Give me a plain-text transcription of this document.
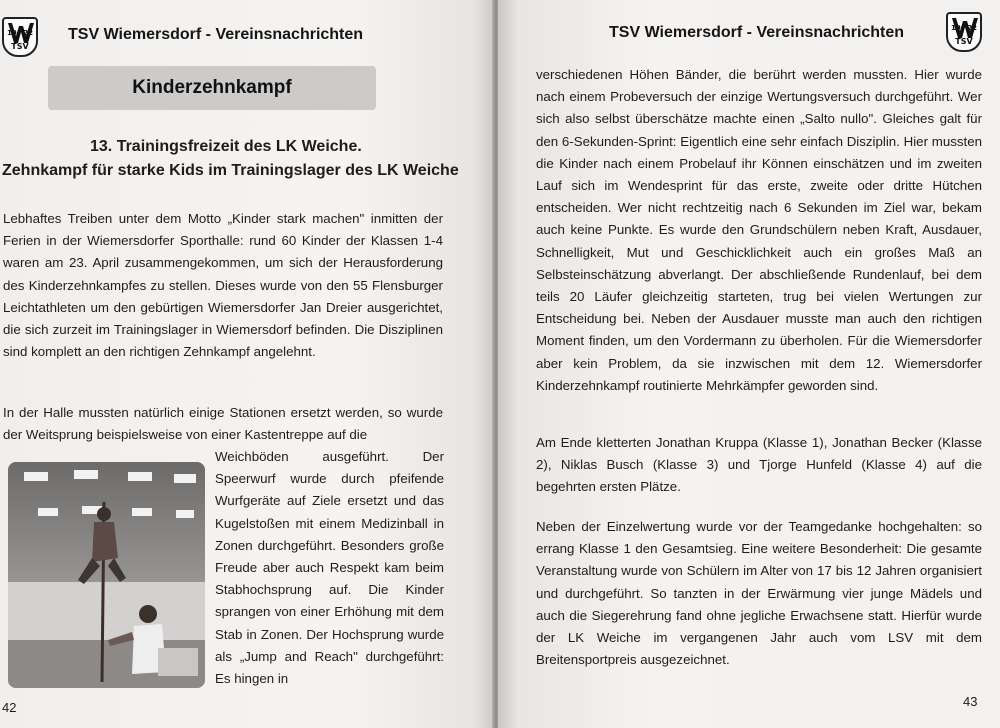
19 22
TSV
TSV Wiemersdorf - Vereinsnachrichten
Kinderzehnkampf
13. Trainingsfreizeit des LK Weiche.
Zehnkampf für starke Kids im Trainingslager des LK Weiche

Lebhaftes Treiben unter dem Motto „Kinder stark machen" inmitten der Ferien in der Wiemersdorfer Sporthalle: rund 60 Kinder der Klassen 1-4 waren am 23. April zusammengekommen, um sich der Herausforderung des Kinderzehnkampfes zu stellen. Dieses wurde von den 55 Flensburger Leichtathleten um den gebürtigen Wiemersdorfer Jan Dreier ausgerichtet, die sich zurzeit im Trainingslager in Wiemersdorf befinden. Die Disziplinen sind komplett an den richtigen Zehnkampf angelehnt.

In der Halle mussten natürlich einige Stationen ersetzt werden, so wurde der Weitsprung beispielsweise von einer Kastentreppe auf die

Weichböden ausgeführt. Der Speerwurf wurde durch pfeifende Wurfgeräte auf Ziele ersetzt und das Kugelstoßen mit einem Medizinball in Zonen durchgeführt. Besonders große Freude aber auch Respekt kam beim Stabhochsprung auf. Die Kinder sprangen von einer Erhöhung mit dem Stab in Zonen. Der Hochsprung wurde als „Jump and Reach" durchgeführt: Es hingen in

42
TSV Wiemersdorf - Vereinsnachrichten	19 22
TSV

verschiedenen Höhen Bänder, die berührt werden mussten. Hier wurde nach einem Probeversuch der einzige Wertungsversuch durchgeführt. Wer sich also selbst überschätze machte einen „Salto nullo". Gleiches galt für den 6-Sekunden-Sprint: Eigentlich eine sehr einfach Disziplin. Hier mussten die Kinder nach einem Probelauf ihr Können einschätzen und im zweiten Lauf sich im Wendesprint für das erste, zweite oder dritte Hütchen entscheiden. Wer nicht rechtzeitig nach 6 Sekunden im Ziel war, bekam auch keine Punkte. Es wurde den Grundschülern neben Kraft, Ausdauer, Schnelligkeit, Mut und Geschicklichkeit auch ein großes Maß an Selbsteinschätzung abverlangt. Der abschließende Rundenlauf, bei dem teils 20 Läufer gleichzeitig starteten, trug bei vielen Wertungen zur Entscheidung bei. Neben der Ausdauer musste man auch den richtigen Moment finden, um den Vordermann zu überholen. Für die Wiemersdorfer aber kein Problem, da sie inzwischen mit dem 12. Wiemersdorfer Kinderzehnkampf routinierte Mehrkämpfer geworden sind.

Am Ende kletterten Jonathan Kruppa (Klasse 1), Jonathan Becker (Klasse 2), Niklas Busch (Klasse 3) und Tjorge Hunfeld (Klasse 4) auf die begehrten ersten Plätze.

Neben der Einzelwertung wurde vor der Teamgedanke hochgehalten: so errang Klasse 1 den Gesamtsieg. Eine weitere Besonderheit: Die gesamte Veranstaltung wurde von Schülern im Alter von 17 bis 12 Jahren organisiert und durchgeführt. So tanzten in der Erwärmung vier junge Mädels und auch die Siegerehrung fand ohne jegliche Erwachsene statt. Hierfür wurde der LK Weiche im vergangenen Jahr auch vom LSV mit dem Breitensportpreis ausgezeichnet.

43
